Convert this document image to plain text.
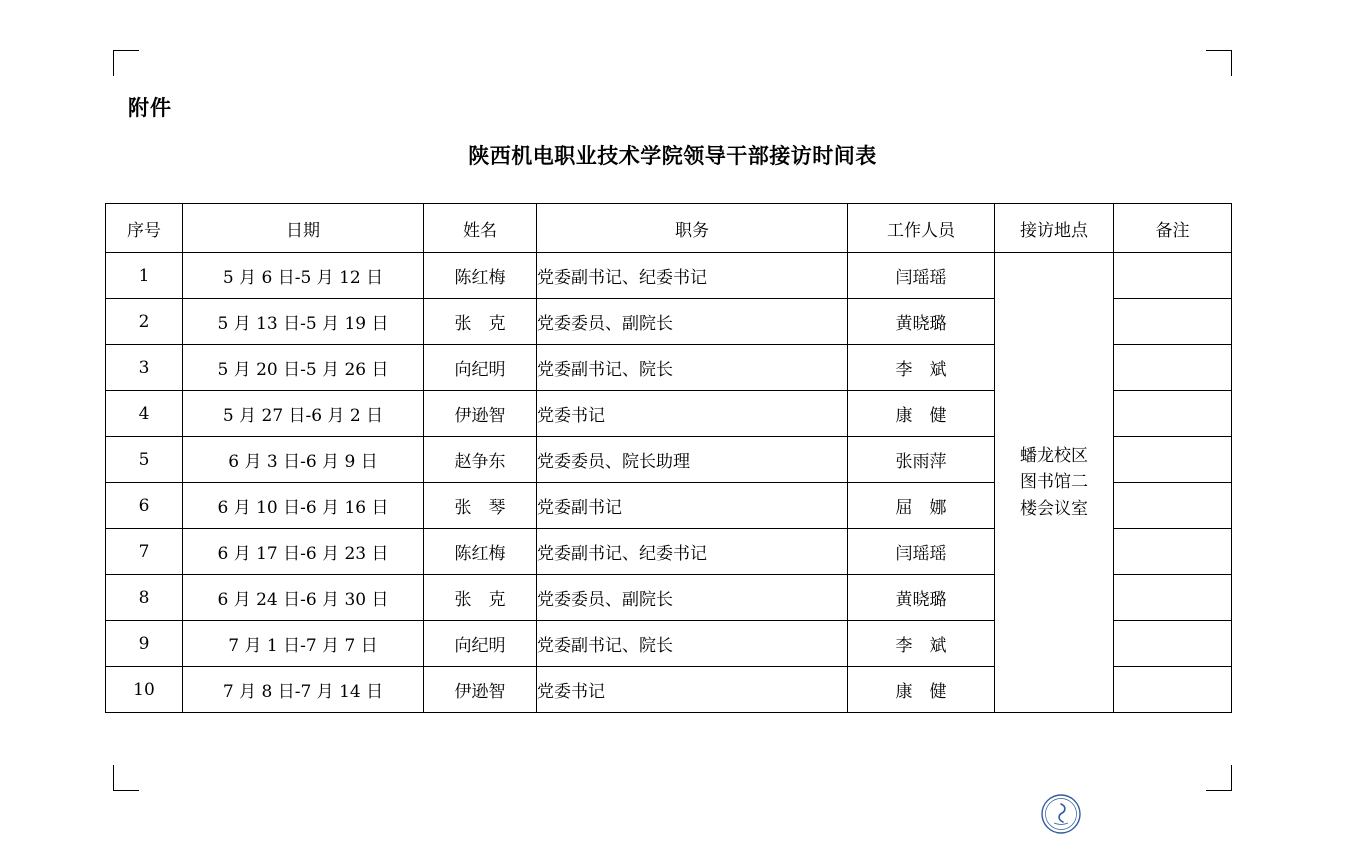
附件
陕西机电职业技术学院领导干部接访时间表
序号	日期	姓名	职务	工作人员	接访地点	备注
1	5 月 6 日-5 月 12 日	陈红梅	党委副书记、纪委书记	闫瑶瑶	蟠龙校区
图书馆二
楼会议室	

2	5 月 13 日-5 月 19 日	张　克	党委委员、副院长	黄晓璐		
3	5 月 20 日-5 月 26 日	向纪明	党委副书记、院长	李　斌		
4	5 月 27 日-6 月 2 日	伊逊智	党委书记	康　健		
5	6 月 3 日-6 月 9 日	赵争东	党委委员、院长助理	张雨萍		
6	6 月 10 日-6 月 16 日	张　琴	党委副书记	屈　娜		
7	6 月 17 日-6 月 23 日	陈红梅	党委副书记、纪委书记	闫瑶瑶		
8	6 月 24 日-6 月 30 日	张　克	党委委员、副院长	黄晓璐		
9	7 月 1 日-7 月 7 日	向纪明	党委副书记、院长	李　斌		
10	7 月 8 日-7 月 14 日	伊逊智	党委书记	康　健		
